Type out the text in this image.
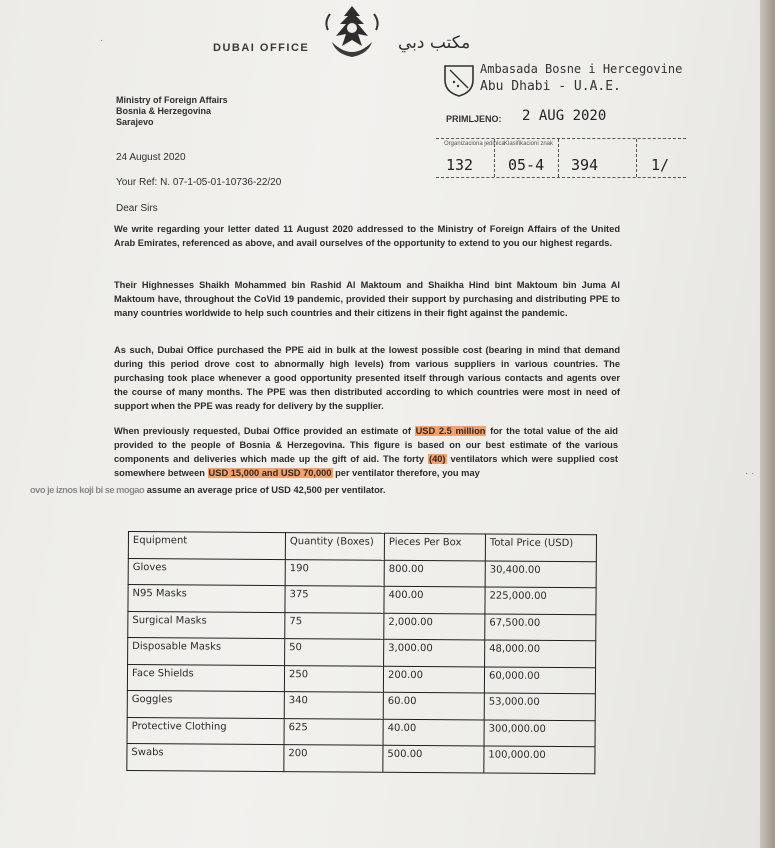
DUBAI OFFICE	مكتب دبي
Ambasada Bosne i Hercegovine
Abu Dhabi - U.A.E.
PRIMLJENO: 2 AUG 2020
Organizaciona jedinica Klasifikacioni znak
132 05-4 394	1/
·
· ·
Ministry of Foreign Affairs
Bosnia & Herzegovina
Sarajevo
24 August 2020
Your Ref: N. 07-1-05-01-10736-22/20
Dear Sirs
We write regarding your letter dated 11 August 2020 addressed to the Ministry of Foreign Affairs of the United Arab Emirates, referenced as above, and avail ourselves of the opportunity to extend to you our highest regards.
Their Highnesses Shaikh Mohammed bin Rashid Al Maktoum and Shaikha Hind bint Maktoum bin Juma Al Maktoum have, throughout the CoVid 19 pandemic, provided their support by purchasing and distributing PPE to many countries worldwide to help such countries and their citizens in their fight against the pandemic.
As such, Dubai Office purchased the PPE aid in bulk at the lowest possible cost (bearing in mind that demand during this period drove cost to abnormally high levels) from various suppliers in various countries. The purchasing took place whenever a good opportunity presented itself through various contacts and agents over the course of many months. The PPE was then distributed according to which countries were most in need of support when the PPE was ready for delivery by the supplier.
When previously requested, Dubai Office provided an estimate of USD 2.5 million for the total value of the aid provided to the people of Bosnia & Herzegovina. This figure is based on our best estimate of the various components and deliveries which made up the gift of aid. The forty (40) ventilators which were supplied cost somewhere between USD 15,000 and USD 70,000 per ventilator therefore, you may
ovo je iznos koji bi se mogao assume an average price of USD 42,500 per ventilator.
Equipment	Quantity (Boxes)	Pieces Per Box	Total Price (USD)
Gloves	190	800.00	30,400.00
N95 Masks	375	400.00	225,000.00
Surgical Masks	75	2,000.00	67,500.00
Disposable Masks	50	3,000.00	48,000.00
Face Shields	250	200.00	60,000.00
Goggles	340	60.00	53,000.00
Protective Clothing	625	40.00	300,000.00
Swabs	200	500.00	100,000.00
